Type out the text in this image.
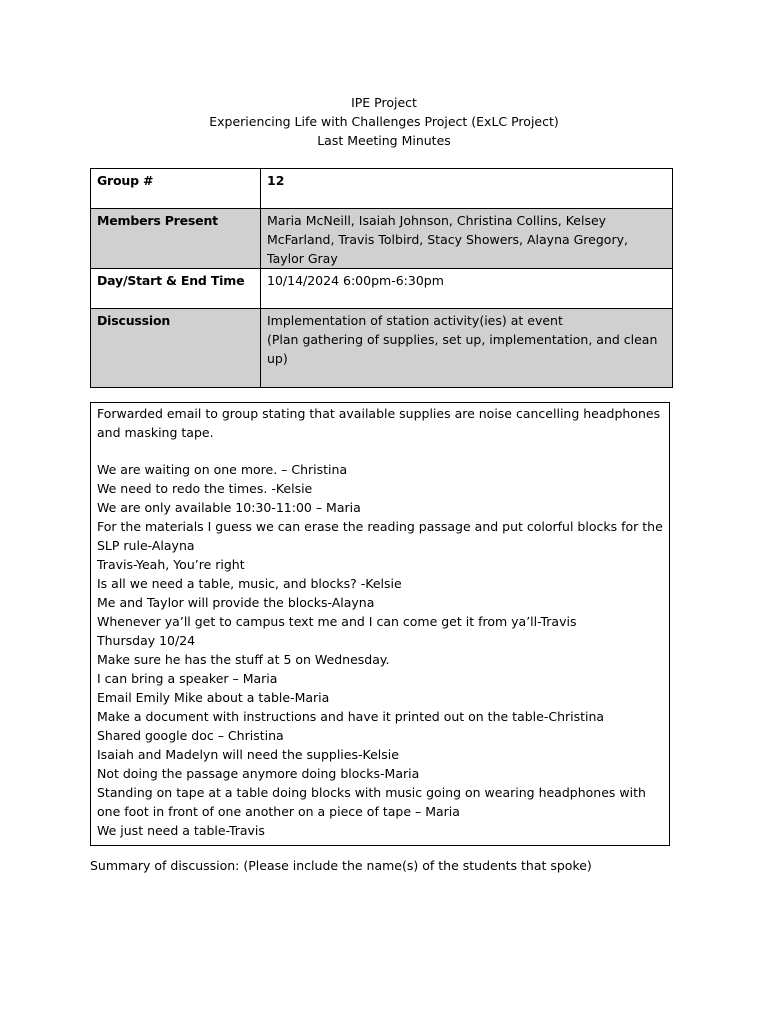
IPE Project
Experiencing Life with Challenges Project (ExLC Project)
Last Meeting Minutes
Group #	12
Members Present	Maria McNeill, Isaiah Johnson, Christina Collins, Kelsey McFarland, Travis Tolbird, Stacy Showers, Alayna Gregory, Taylor Gray
Day/Start & End Time	10/14/2024 6:00pm-6:30pm
Discussion	Implementation of station activity(ies) at event
(Plan gathering of supplies, set up, implementation, and clean up)
Forwarded email to group stating that available supplies are noise cancelling headphones and masking tape.
We are waiting on one more. – Christina
We need to redo the times. -Kelsie
We are only available 10:30-11:00 – Maria
For the materials I guess we can erase the reading passage and put colorful blocks for the SLP rule-Alayna
Travis-Yeah, You’re right
Is all we need a table, music, and blocks? -Kelsie
Me and Taylor will provide the blocks-Alayna
Whenever ya’ll get to campus text me and I can come get it from ya’ll-Travis
Thursday 10/24
Make sure he has the stuff at 5 on Wednesday.
I can bring a speaker – Maria
Email Emily Mike about a table-Maria
Make a document with instructions and have it printed out on the table-Christina
Shared google doc – Christina
Isaiah and Madelyn will need the supplies-Kelsie
Not doing the passage anymore doing blocks-Maria
Standing on tape at a table doing blocks with music going on wearing headphones with one foot in front of one another on a piece of tape – Maria
We just need a table-Travis
Summary of discussion: (Please include the name(s) of the students that spoke)
